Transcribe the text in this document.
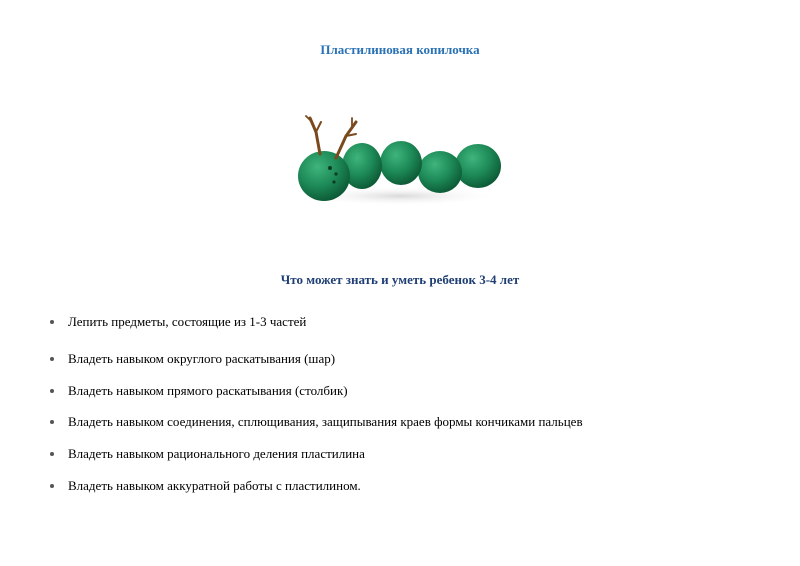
Пластилиновая копилочка
Что может знать и уметь ребенок 3-4 лет
Лепить предметы, состоящие из 1-3 частей
Владеть навыком округлого раскатывания (шар)
Владеть навыком прямого раскатывания (столбик)
Владеть навыком соединения, сплющивания, защипывания краев формы кончиками пальцев
Владеть навыком рационального деления пластилина
Владеть навыком аккуратной работы с пластилином.
